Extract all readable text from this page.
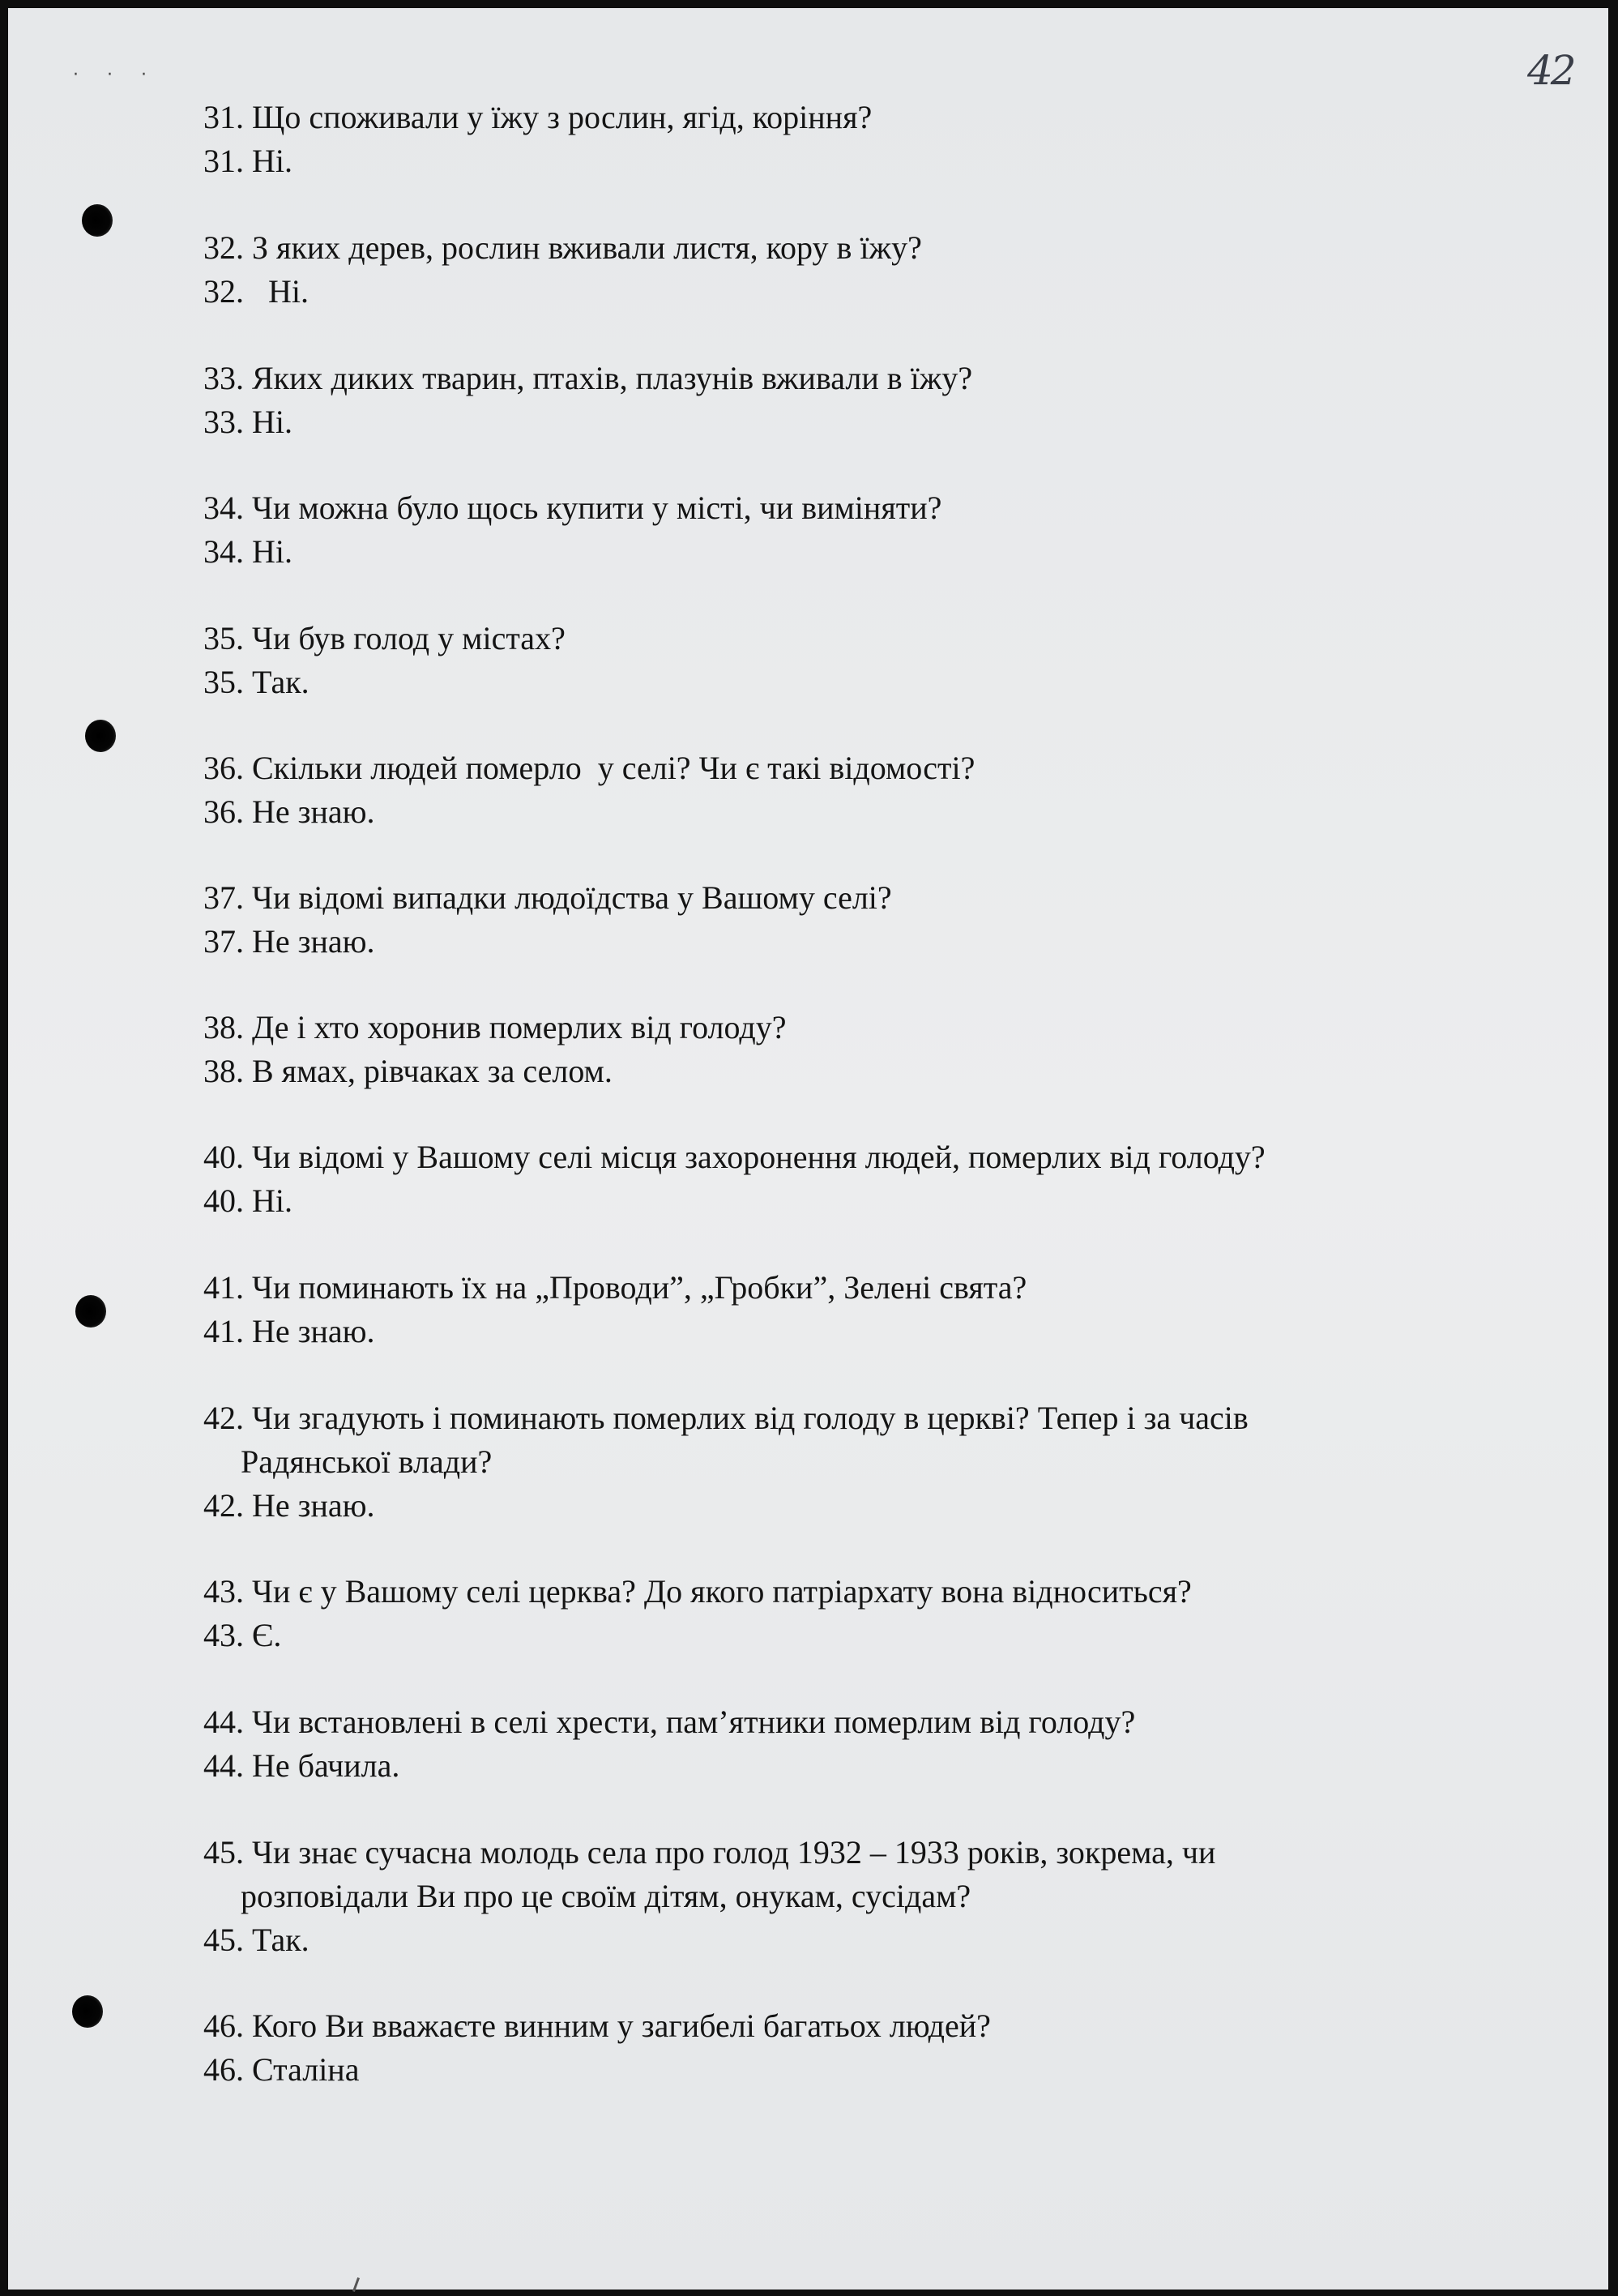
· · ·	42

31. Що споживали у їжу з рослин, ягід, коріння?

31. Ні.

32. З яких дерев, рослин вживали листя, кору в їжу?

32.   Ні.

33. Яких диких тварин, птахів, плазунів вживали в їжу?

33. Ні.

34. Чи можна було щось купити у місті, чи виміняти?

34. Ні.

35. Чи був голод у містах?

35. Так.

36. Скільки людей померло  у селі? Чи є такі відомості?

36. Не знаю.

37. Чи відомі випадки людоїдства у Вашому селі?

37. Не знаю.

38. Де і хто хоронив померлих від голоду?

38. В ямах, рівчаках за селом.

40. Чи відомі у Вашому селі місця захоронення людей, померлих від голоду?

40. Ні.

41. Чи поминають їх на „Проводи”, „Гробки”, Зелені свята?

41. Не знаю.

42. Чи згадують і поминають померлих від голоду в церкві? Тепер і за часів

Радянської влади?

42. Не знаю.

43. Чи є у Вашому селі церква? До якого патріархату вона відноситься?

43. Є.

44. Чи встановлені в селі хрести, пам’ятники померлим від голоду?

44. Не бачила.

45. Чи знає сучасна молодь села про голод 1932 – 1933 років, зокрема, чи

розповідали Ви про це своїм дітям, онукам, сусідам?

45. Так.

46. Кого Ви вважаєте винним у загибелі багатьох людей?

46. Сталіна
